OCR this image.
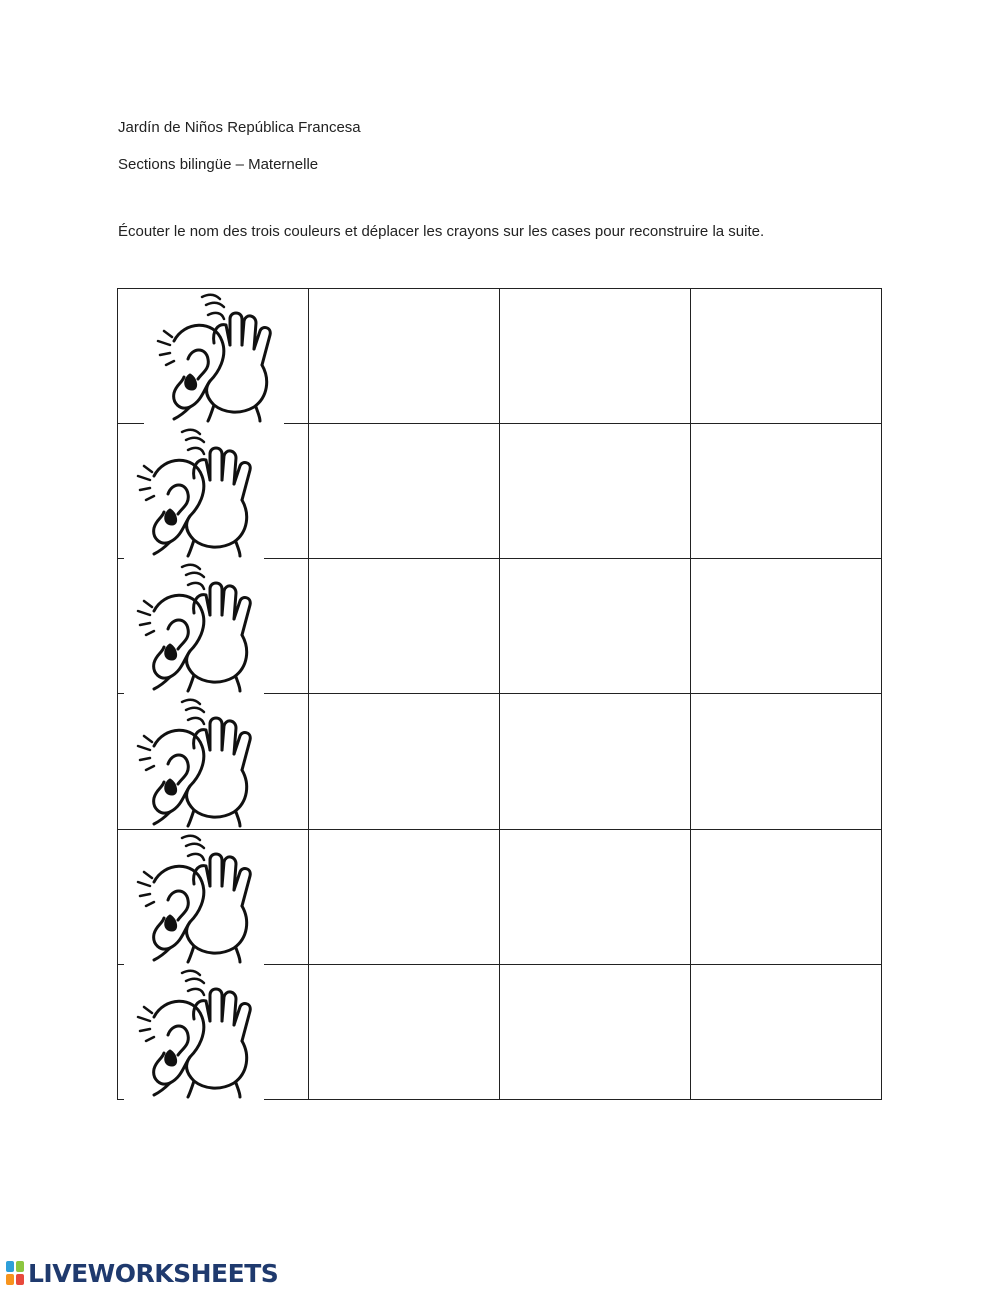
Jardín de Niños República Francesa
Sections bilingüe – Maternelle
Écouter le nom des trois couleurs et déplacer les crayons sur les cases pour reconstruire la suite.

LIVEWORKSHEETS
